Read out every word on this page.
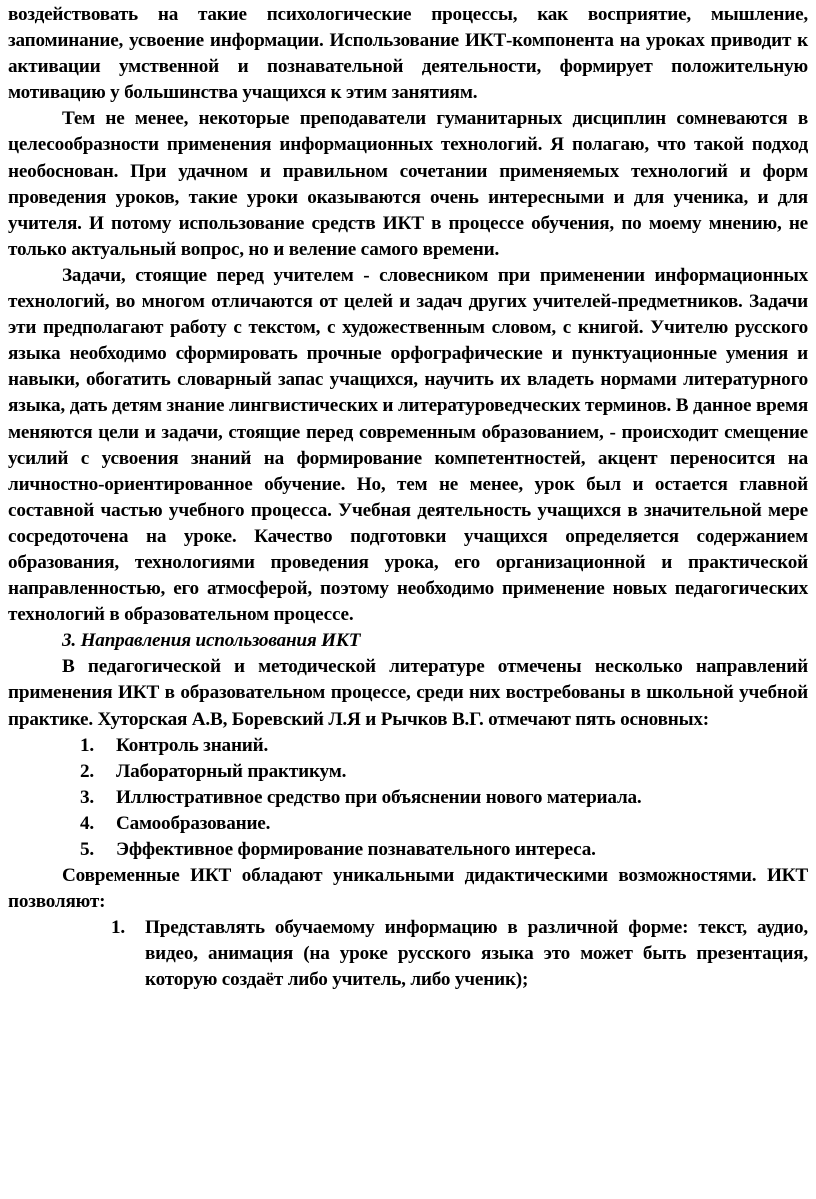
воздействовать на такие психологические процессы, как восприятие, мышление, запоминание, усвоение информации. Использование ИКТ-компонента на уроках приводит к активации умственной и познавательной деятельности, формирует положительную мотивацию у большинства учащихся к этим занятиям.

Тем не менее, некоторые преподаватели гуманитарных дисциплин сомневаются в целесообразности применения информационных технологий. Я полагаю, что такой подход необоснован. При удачном и правильном сочетании применяемых технологий и форм проведения уроков, такие уроки оказываются очень интересными и для ученика, и для учителя. И потому использование средств ИКТ в процессе обучения, по моему мнению, не только актуальный вопрос, но и веление самого времени.

Задачи, стоящие перед учителем - словесником при применении информационных технологий, во многом отличаются от целей и задач других учителей-предметников. Задачи эти предполагают работу с текстом, с художественным словом, с книгой. Учителю русского языка необходимо сформировать прочные орфографические и пунктуационные умения и навыки, обогатить словарный запас учащихся, научить их владеть нормами литературного языка, дать детям знание лингвистических и литературоведческих терминов. В данное время меняются цели и задачи, стоящие перед современным образованием, - происходит смещение усилий с усвоения знаний на формирование компетентностей, акцент переносится на личностно-ориентированное обучение. Но, тем не менее, урок был и остается главной составной частью учебного процесса. Учебная деятельность учащихся в значительной мере сосредоточена на уроке. Качество подготовки учащихся определяется содержанием образования, технологиями проведения урока, его организационной и практической направленностью, его атмосферой, поэтому необходимо применение новых педагогических технологий в образовательном процессе.

3. Направления использования ИКТ

В педагогической и методической литературе отмечены несколько направлений применения ИКТ в образовательном процессе, среди них востребованы в школьной учебной практике. Хуторская А.В, Боревский Л.Я и Рычков В.Г. отмечают пять основных:

1. Контроль знаний.
2. Лабораторный практикум.
3. Иллюстративное средство при объяснении нового материала.
4. Самообразование.
5. Эффективное формирование познавательного интереса.

Современные ИКТ обладают уникальными дидактическими возможностями. ИКТ позволяют:

1. Представлять обучаемому информацию в различной форме: текст, аудио, видео, анимация (на уроке русского языка это может быть презентация, которую создаёт либо учитель, либо ученик);
